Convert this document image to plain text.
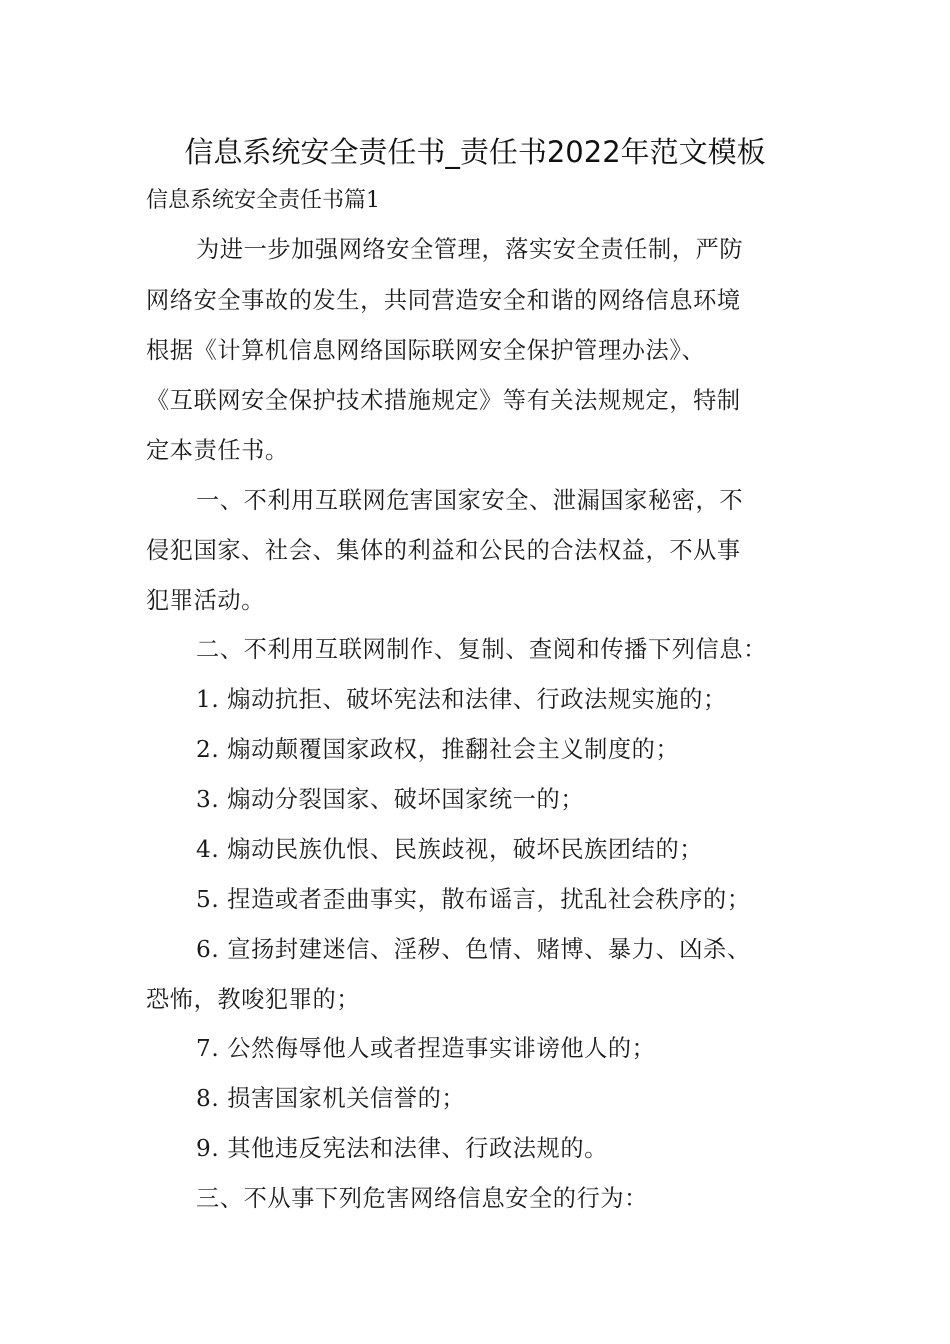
信息系统安全责任书_责任书2022年范文模板
信息系统安全责任书篇1
为进一步加强网络安全管理，落实安全责任制，严防
网络安全事故的发生，共同营造安全和谐的网络信息环境
根据《计算机信息网络国际联网安全保护管理办法》、
《互联网安全保护技术措施规定》等有关法规规定，特制
定本责任书。
一、不利用互联网危害国家安全、泄漏国家秘密，不
侵犯国家、社会、集体的利益和公民的合法权益，不从事
犯罪活动。
二、不利用互联网制作、复制、查阅和传播下列信息：
1. 煽动抗拒、破坏宪法和法律、行政法规实施的；
2. 煽动颠覆国家政权，推翻社会主义制度的；
3. 煽动分裂国家、破坏国家统一的；
4. 煽动民族仇恨、民族歧视，破坏民族团结的；
5. 捏造或者歪曲事实，散布谣言，扰乱社会秩序的；
6. 宣扬封建迷信、淫秽、色情、赌博、暴力、凶杀、
恐怖，教唆犯罪的；
7. 公然侮辱他人或者捏造事实诽谤他人的；
8. 损害国家机关信誉的；
9. 其他违反宪法和法律、行政法规的。
三、不从事下列危害网络信息安全的行为：
